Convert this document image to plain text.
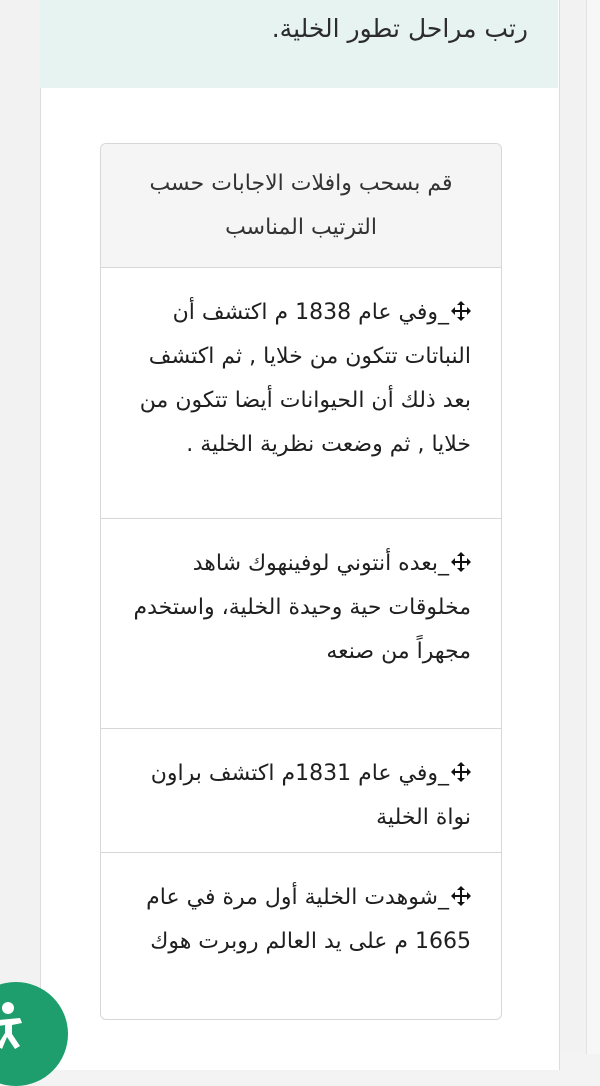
رتب مراحل تطور الخلية.
قم بسحب وافلات الاجابات حسب الترتيب المناسب
_وفي عام 1838 م اكتشف أن النباتات تتكون من خلايا , ثم اكتشف بعد ذلك أن الحيوانات أيضا تتكون من خلايا , ثم وضعت نظرية الخلية .
_بعده أنتوني لوفينهوك شاهد مخلوقات حية وحيدة الخلية، واستخدم مجهراً من صنعه
_وفي عام 1831م اكتشف براون نواة الخلية
_شوهدت الخلية أول مرة في عام 1665 م على يد العالم روبرت هوك
